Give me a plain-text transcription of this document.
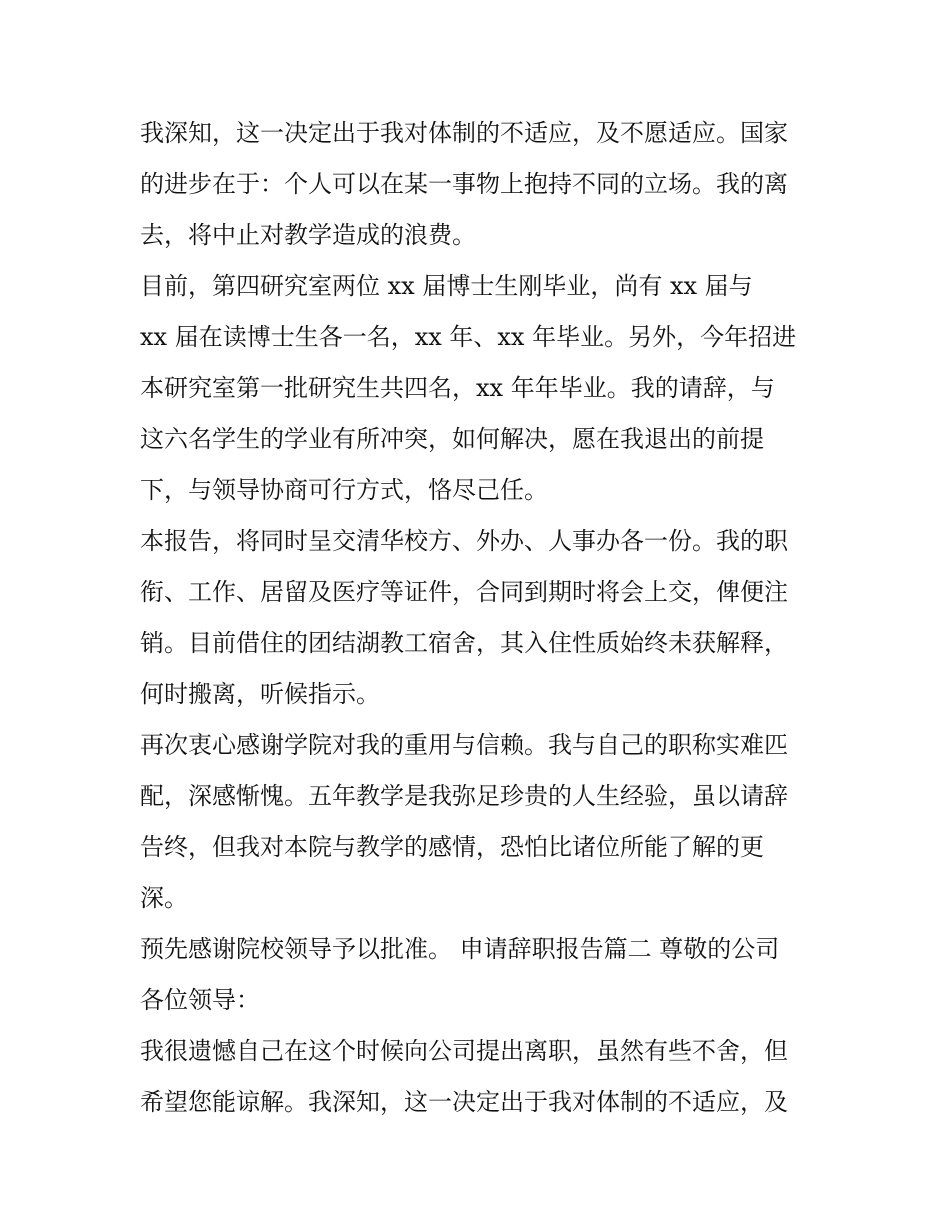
我深知，这一决定出于我对体制的不适应，及不愿适应。国家
的进步在于：个人可以在某一事物上抱持不同的立场。我的离
去，将中止对教学造成的浪费。
目前，第四研究室两位 xx 届博士生刚毕业，尚有 xx 届与
xx 届在读博士生各一名，xx 年、xx 年毕业。另外，今年招进
本研究室第一批研究生共四名，xx 年年毕业。我的请辞，与
这六名学生的学业有所冲突，如何解决，愿在我退出的前提
下，与领导协商可行方式，恪尽己任。
本报告，将同时呈交清华校方、外办、人事办各一份。我的职
衔、工作、居留及医疗等证件，合同到期时将会上交，俾便注
销。目前借住的团结湖教工宿舍，其入住性质始终未获解释，
何时搬离，听候指示。
再次衷心感谢学院对我的重用与信赖。我与自己的职称实难匹
配，深感惭愧。五年教学是我弥足珍贵的人生经验，虽以请辞
告终，但我对本院与教学的感情，恐怕比诸位所能了解的更
深。
预先感谢院校领导予以批准。 申请辞职报告篇二 尊敬的公司
各位领导：
我很遗憾自己在这个时候向公司提出离职，虽然有些不舍，但
希望您能谅解。我深知，这一决定出于我对体制的不适应，及
